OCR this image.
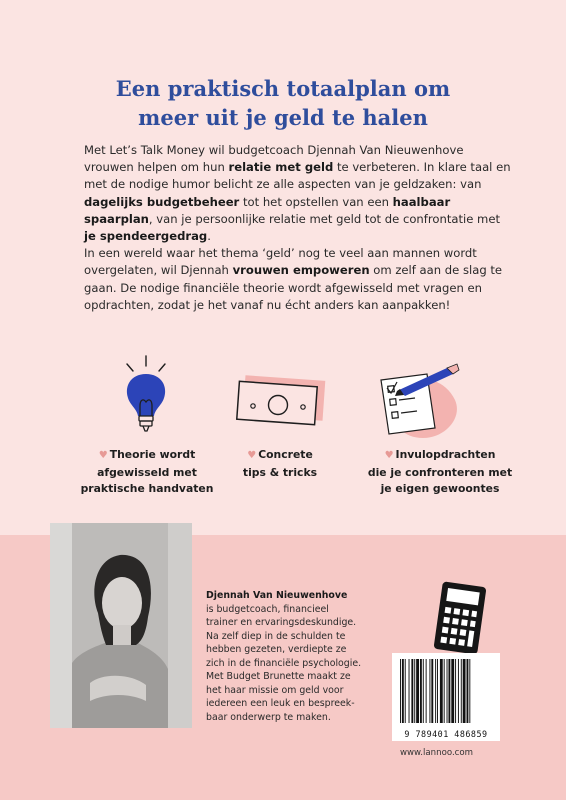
Een praktisch totaalplan om
meer uit je geld te halen

Met Let’s Talk Money wil budgetcoach Djennah Van Nieuwenhove vrouwen helpen om hun relatie met geld te verbeteren. In klare taal en met de nodige humor belicht ze alle aspecten van je geldzaken: van dagelijks budgetbeheer tot het opstellen van een haalbaar spaarplan, van je persoonlijke relatie met geld tot de confrontatie met je spendeergedrag.

In een wereld waar het thema ‘geld’ nog te veel aan mannen wordt overgelaten, wil Djennah vrouwen empoweren om zelf aan de slag te gaan. De nodige financiële theorie wordt afgewisseld met vragen en opdrachten, zodat je het vanaf nu écht anders kan aanpakken!

♥ Theorie wordt
afgewisseld met
praktische handvaten
♥ Concrete
tips & tricks
♥ Invulopdrachten
die je confronteren met
je eigen gewoontes
Djennah Van Nieuwenhove
is budgetcoach, financieel
trainer en ervaringsdeskundige.
Na zelf diep in de schulden te
hebben gezeten, verdiepte ze
zich in de financiële psychologie.
Met Budget Brunette maakt ze
het haar missie om geld voor
iedereen een leuk en bespreek-
baar onderwerp te maken.
9 789401 486859
www.lannoo.com
